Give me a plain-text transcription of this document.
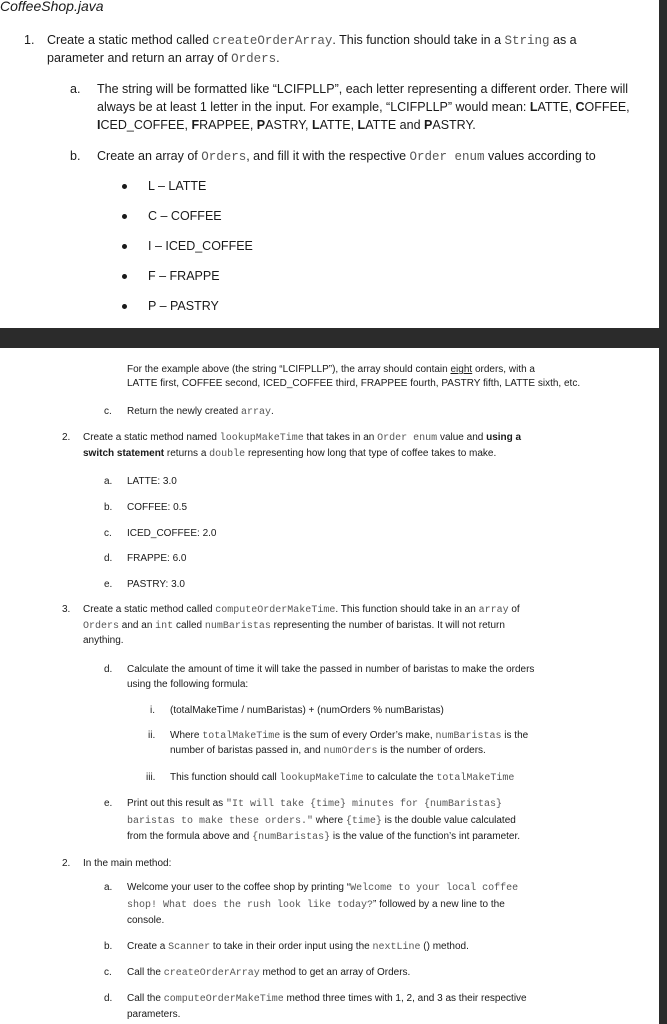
CoffeeShop.java
1. Create a static method called createOrderArray. This function should take in a String as a
parameter and return an array of Orders.
a. The string will be formatted like “LCIFPLLP”, each letter representing a different order. There will
always be at least 1 letter in the input. For example, “LCIFPLLP” would mean: LATTE, COFFEE,
ICED_COFFEE, FRAPPEE, PASTRY, LATTE, LATTE and PASTRY.
b. Create an array of Orders, and fill it with the respective Order enum values according to
L – LATTE
C – COFFEE
I – ICED_COFFEE
F – FRAPPE
P – PASTRY
For the example above (the string “LCIFPLLP”), the array should contain eight orders, with a
LATTE first, COFFEE second, ICED_COFFEE third, FRAPPEE fourth, PASTRY fifth, LATTE sixth, etc.
c. Return the newly created array.
2. Create a static method named lookupMakeTime that takes in an Order enum value and using a
switch statement returns a double representing how long that type of coffee takes to make.
a. LATTE: 3.0
b. COFFEE: 0.5
c. ICED_COFFEE: 2.0
d. FRAPPE: 6.0
e. PASTRY: 3.0
3. Create a static method called computeOrderMakeTime. This function should take in an array of
Orders and an int called numBaristas representing the number of baristas. It will not return
anything.
d. Calculate the amount of time it will take the passed in number of baristas to make the orders
using the following formula:
i. (totalMakeTime / numBaristas) + (numOrders % numBaristas)
ii. Where totalMakeTime is the sum of every Order’s make, numBaristas is the
number of baristas passed in, and numOrders is the number of orders.
iii. This function should call lookupMakeTime to calculate the totalMakeTime
e. Print out this result as "It will take {time} minutes for {numBaristas}
baristas to make these orders." where {time} is the double value calculated
from the formula above and {numBaristas} is the value of the function’s int parameter.
2. In the main method:
a. Welcome your user to the coffee shop by printing “Welcome to your local coffee
shop! What does the rush look like today?” followed by a new line to the
console.
b. Create a Scanner to take in their order input using the nextLine () method.
c. Call the createOrderArray method to get an array of Orders.
d. Call the computeOrderMakeTime method three times with 1, 2, and 3 as their respective
parameters.
